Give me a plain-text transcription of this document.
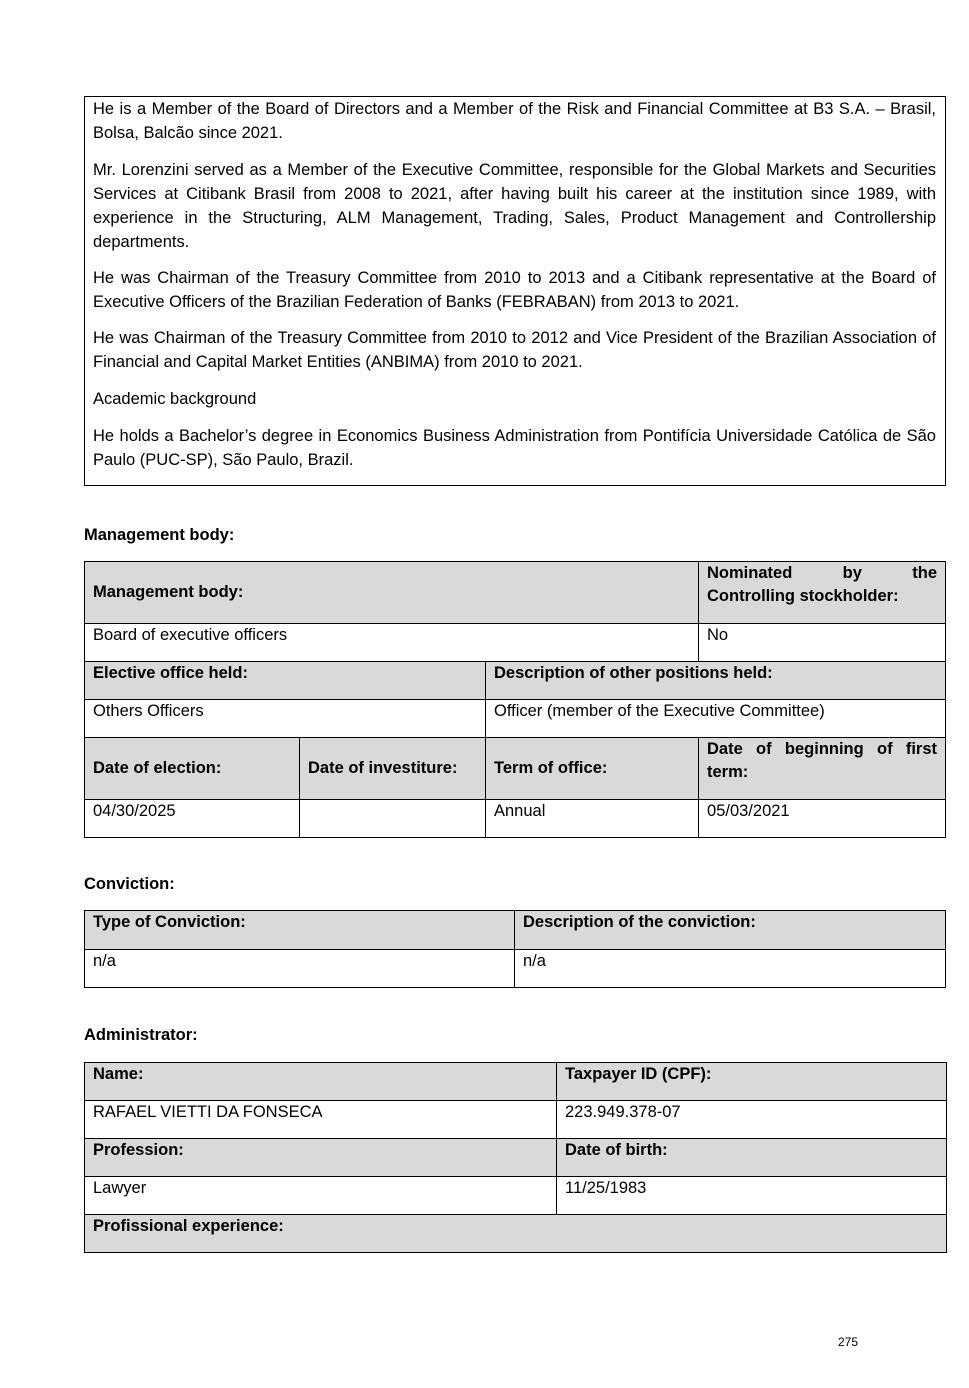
He is a Member of the Board of Directors and a Member of the Risk and Financial Committee at B3 S.A. – Brasil, Bolsa, Balcão since 2021.

Mr. Lorenzini served as a Member of the Executive Committee, responsible for the Global Markets and Securities Services at Citibank Brasil from 2008 to 2021, after having built his career at the institution since 1989, with experience in the Structuring, ALM Management, Trading, Sales, Product Management and Controllership departments.

He was Chairman of the Treasury Committee from 2010 to 2013 and a Citibank representative at the Board of Executive Officers of the Brazilian Federation of Banks (FEBRABAN) from 2013 to 2021.

He was Chairman of the Treasury Committee from 2010 to 2012 and Vice President of the Brazilian Association of Financial and Capital Market Entities (ANBIMA) from 2010 to 2021.

Academic background

He holds a Bachelor’s degree in Economics Business Administration from Pontifícia Universidade Católica de São Paulo (PUC-SP), São Paulo, Brazil.

Management body:
Management body:			Nominated by the
Controlling stockholder:

Board of executive officers			No
Elective office held:		Description of other positions held:	
Others Officers		Officer (member of the Executive Committee)	
Date of election:	Date of investiture:	Term of office:	Date of beginning of first
term:

04/30/2025		Annual	05/03/2021
Conviction:
Type of Conviction:	Description of the conviction:
n/a	n/a
Administrator:
Name:	Taxpayer ID (CPF):
RAFAEL VIETTI DA FONSECA	223.949.378-07
Profession:	Date of birth:
Lawyer	11/25/1983
Profissional experience:	
275
